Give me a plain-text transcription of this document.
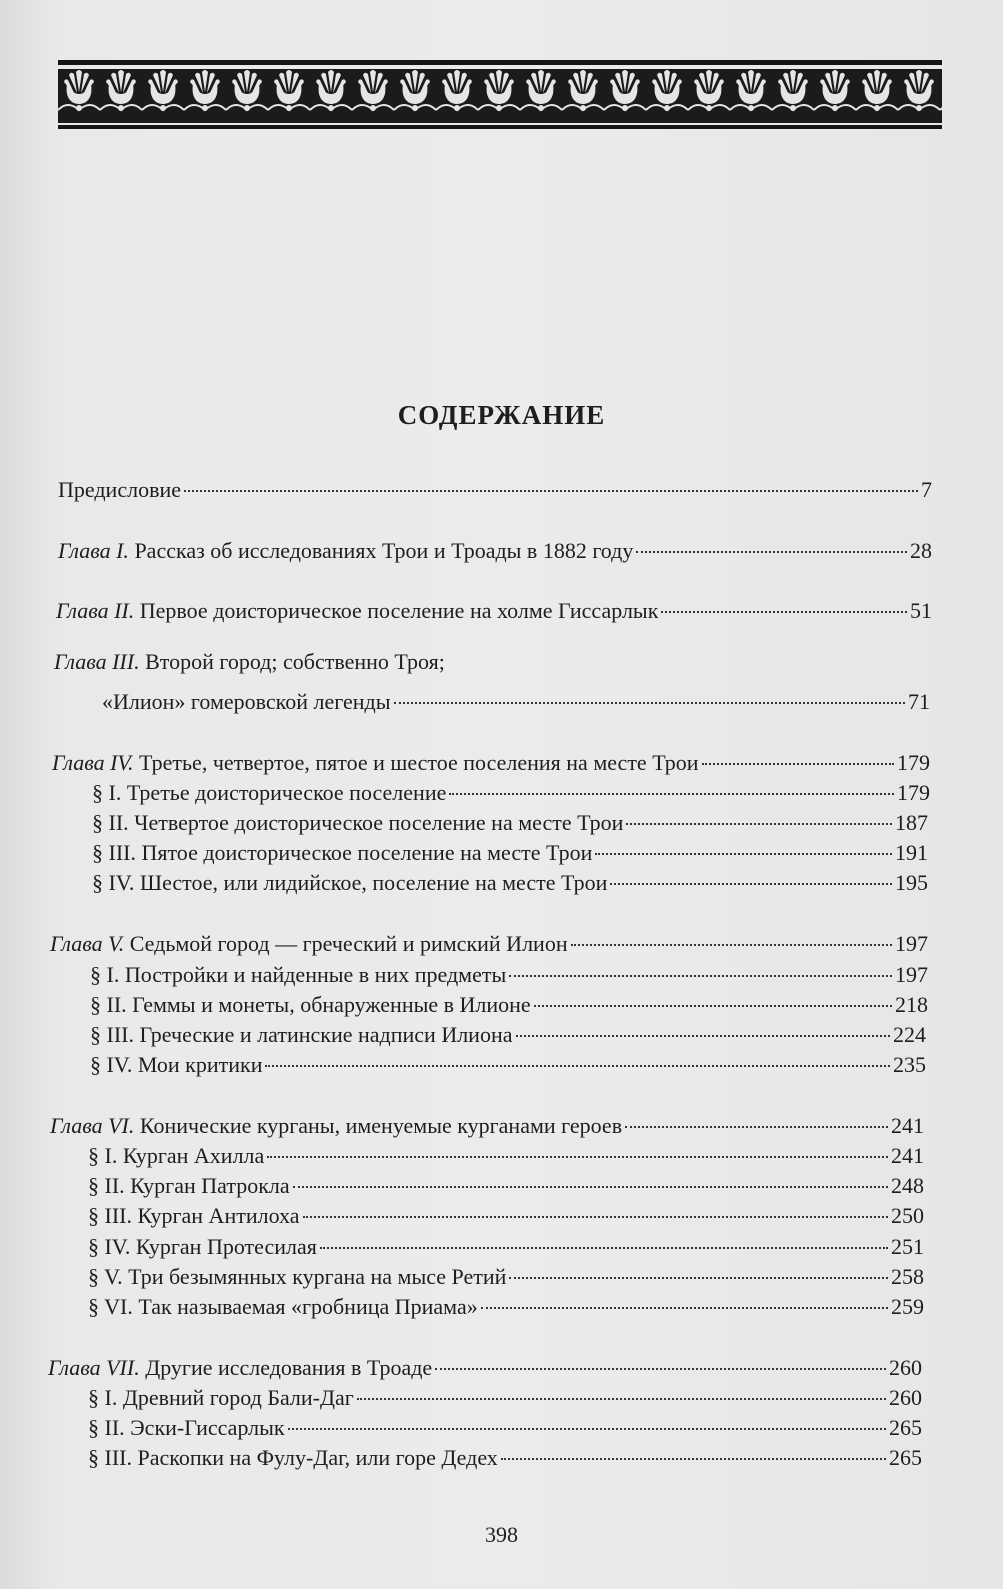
СОДЕРЖАНИЕ
Предисловие	7
Глава I. Рассказ об исследованиях Трои и Троады в 1882 году	28
Глава II. Первое доисторическое поселение на холме Гиссарлык	51
Глава III. Второй город; собственно Троя;
«Илион» гомеровской легенды	71
Глава IV. Третье, четвертое, пятое и шестое поселения на месте Трои	179
§ I. Третье доисторическое поселение	179
§ II. Четвертое доисторическое поселение на месте Трои	187
§ III. Пятое доисторическое поселение на месте Трои	191
§ IV. Шестое, или лидийское, поселение на месте Трои	195
Глава V. Седьмой город — греческий и римский Илион	197
§ I. Постройки и найденные в них предметы	197
§ II. Геммы и монеты, обнаруженные в Илионе	218
§ III. Греческие и латинские надписи Илиона	224
§ IV. Мои критики	235
Глава VI. Конические курганы, именуемые курганами героев	241
§ I. Курган Ахилла	241
§ II. Курган Патрокла	248
§ III. Курган Антилоха	250
§ IV. Курган Протесилая	251
§ V. Три безымянных кургана на мысе Ретий	258
§ VI. Так называемая «гробница Приама»	259
Глава VII. Другие исследования в Троаде	260
§ I. Древний город Бали-Даг	260
§ II. Эски-Гиссарлык	265
§ III. Раскопки на Фулу-Даг, или горе Дедех	265
398
